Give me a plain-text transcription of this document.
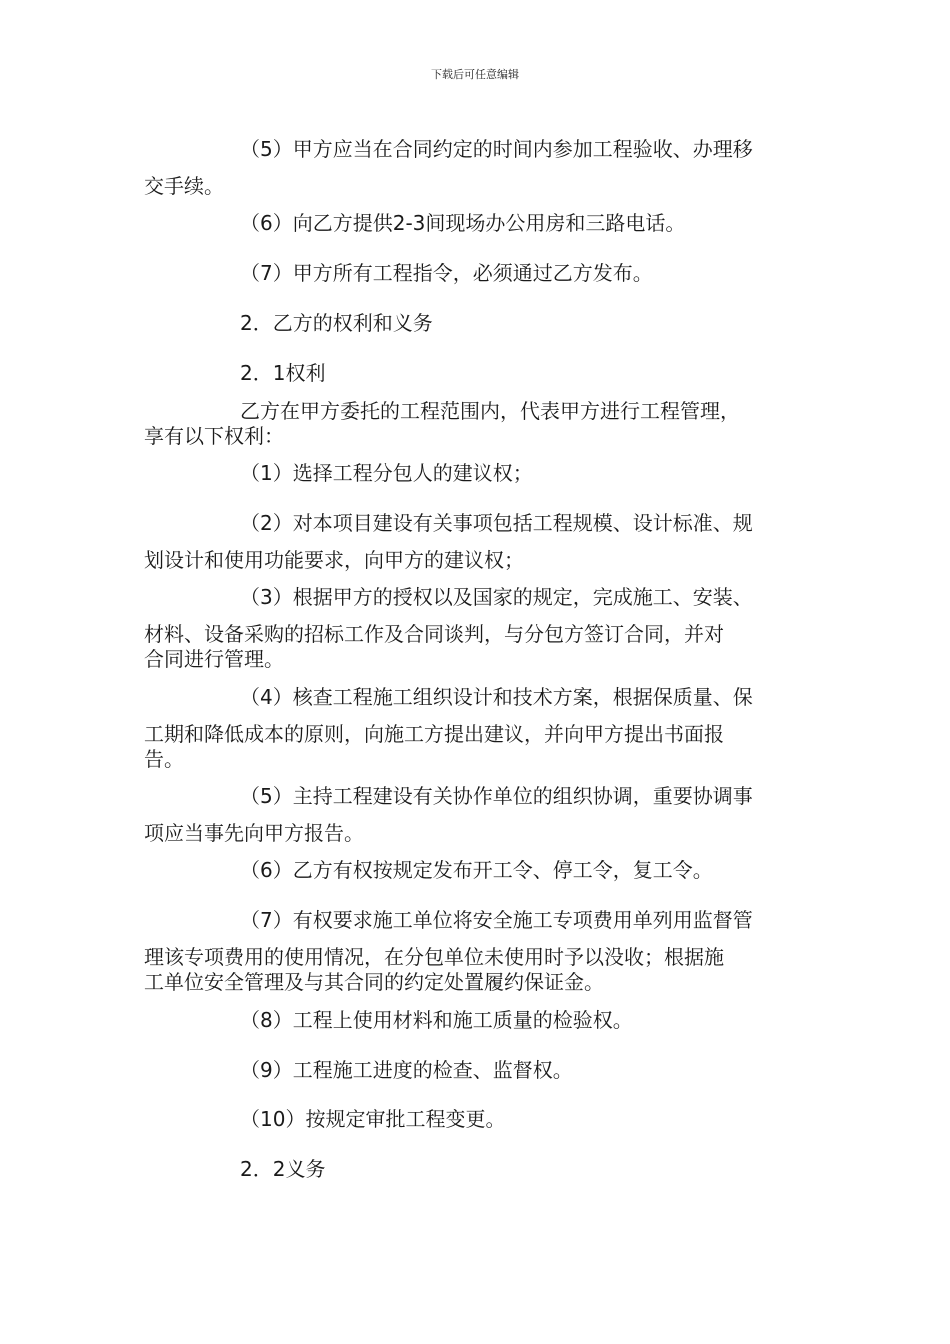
下载后可任意编辑
（5）甲方应当在合同约定的时间内参加工程验收、办理移
交手续。
（6）向乙方提供2-3间现场办公用房和三路电话。
（7）甲方所有工程指令，必须通过乙方发布。
2．乙方的权利和义务
2．1权利
乙方在甲方委托的工程范围内，代表甲方进行工程管理，
享有以下权利：
（1）选择工程分包人的建议权；
（2）对本项目建设有关事项包括工程规模、设计标准、规
划设计和使用功能要求，向甲方的建议权；
（3）根据甲方的授权以及国家的规定，完成施工、安装、
材料、设备采购的招标工作及合同谈判，与分包方签订合同，并对
合同进行管理。
（4）核查工程施工组织设计和技术方案，根据保质量、保
工期和降低成本的原则，向施工方提出建议，并向甲方提出书面报
告。
（5）主持工程建设有关协作单位的组织协调，重要协调事
项应当事先向甲方报告。
（6）乙方有权按规定发布开工令、停工令，复工令。
（7）有权要求施工单位将安全施工专项费用单列用监督管
理该专项费用的使用情况，在分包单位未使用时予以没收；根据施
工单位安全管理及与其合同的约定处置履约保证金。
（8）工程上使用材料和施工质量的检验权。
（9）工程施工进度的检查、监督权。
（10）按规定审批工程变更。
2．2义务
